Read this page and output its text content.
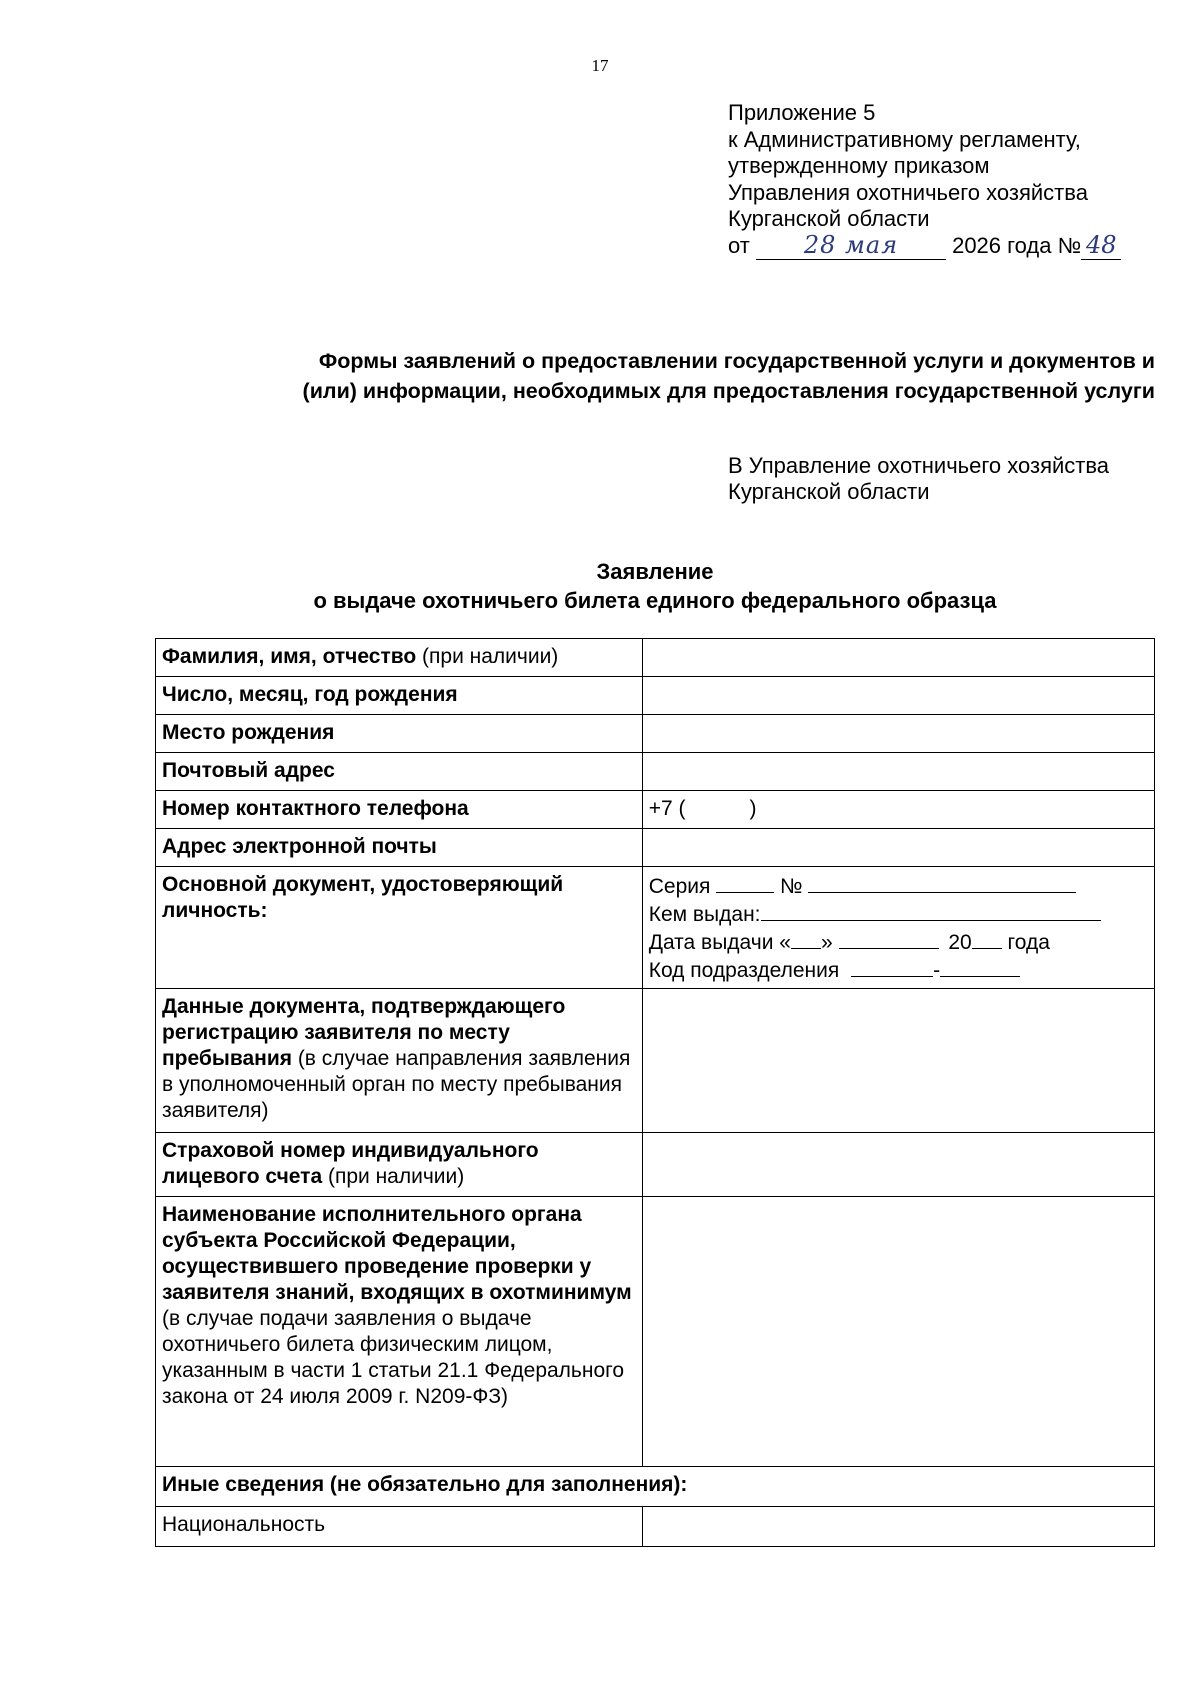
17
Приложение 5
к Административному регламенту,
утвержденному приказом
Управления охотничьего хозяйства
Курганской области
от 28 мая 2026 года № 48
Формы заявлений о предоставлении государственной услуги и документов и
(или) информации, необходимых для предоставления государственной услуги
В Управление охотничьего хозяйства
Курганской области
Заявление
о выдаче охотничьего билета единого федерального образца
Фамилия, имя, отчество (при наличии)	
Число, месяц, год рождения	
Место рождения	
Почтовый адрес	
Номер контактного телефона	+7 ( )
Адрес электронной почты	
Основной документ, удостоверяющий личность:	Серия №
Кем выдан:
Дата выдачи « » 20 года
Код подразделения -

Данные документа, подтверждающего регистрацию заявителя по месту пребывания (в случае направления заявления в уполномоченный орган по месту пребывания заявителя)	
Страховой номер индивидуального лицевого счета (при наличии)	
Наименование исполнительного органа субъекта Российской Федерации, осуществившего проведение проверки у заявителя знаний, входящих в охотминимум (в случае подачи заявления о выдаче охотничьего билета физическим лицом, указанным в части 1 статьи 21.1 Федерального закона от 24 июля 2009 г. N209-ФЗ)	
Иные сведения (не обязательно для заполнения):	
Национальность	
